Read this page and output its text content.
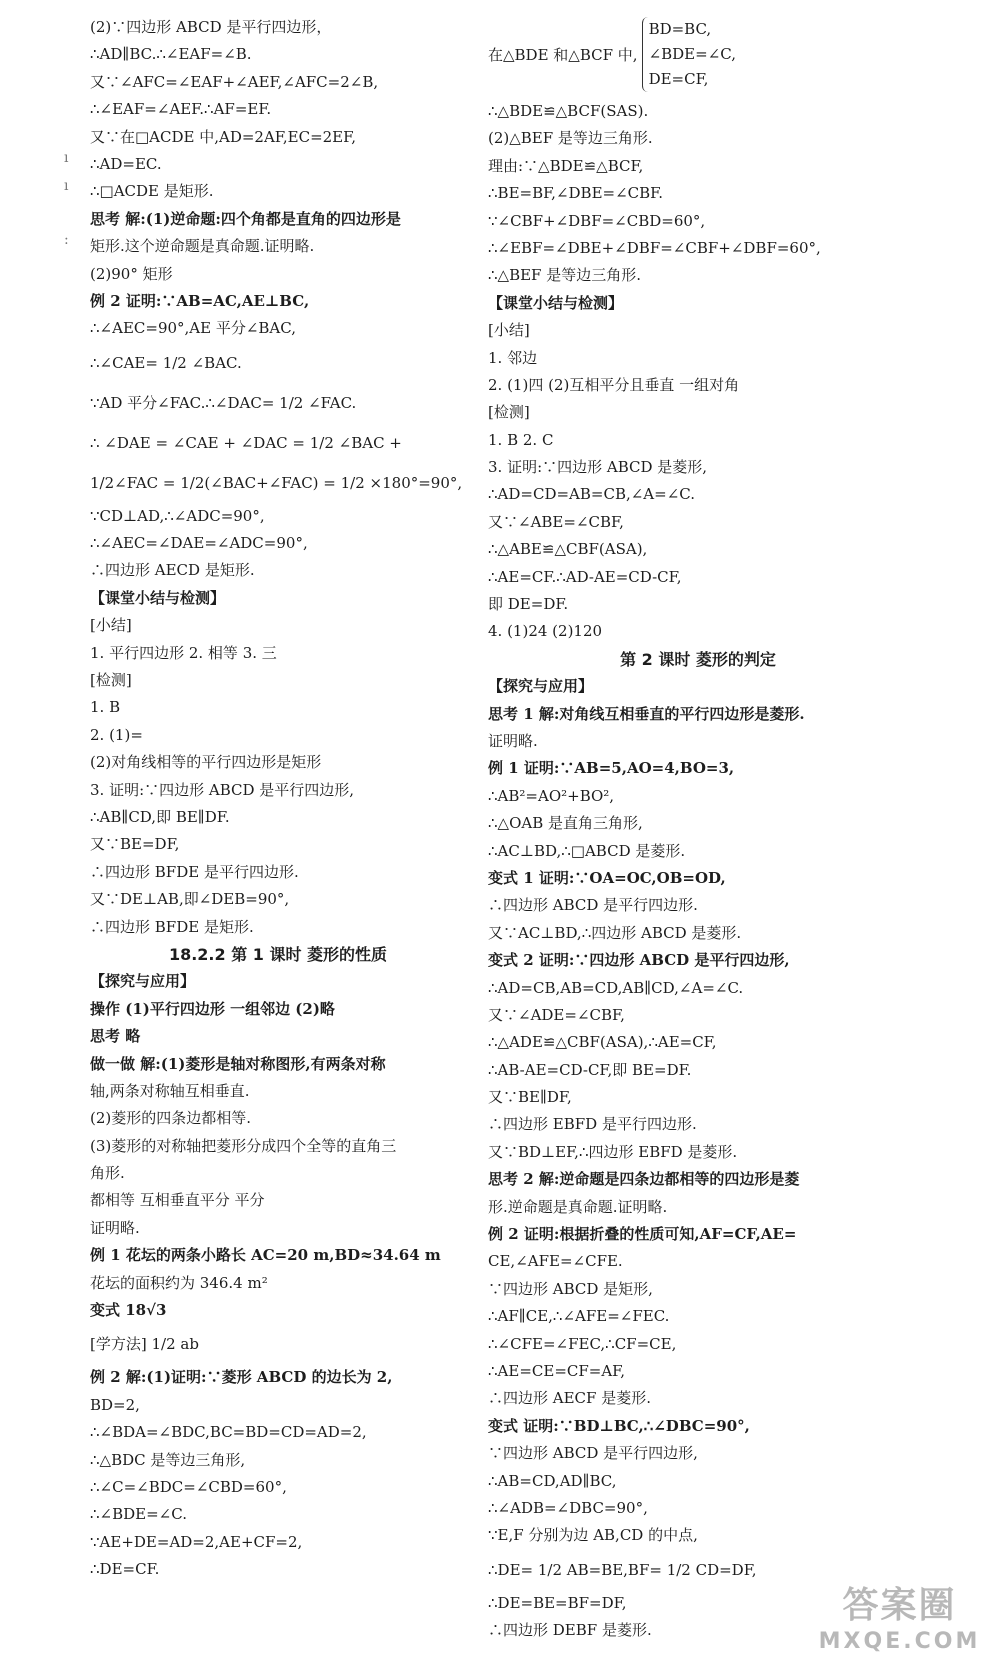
ı
ı
:
(2)∵四边形 ABCD 是平行四边形，
∴AD∥BC.∴∠EAF=∠B.
又∵∠AFC=∠EAF+∠AEF,∠AFC=2∠B,
∴∠EAF=∠AEF.∴AF=EF.
又∵在□ACDE 中,AD=2AF,EC=2EF,
∴AD=EC.
∴□ACDE 是矩形.
思考 解:(1)逆命题:四个角都是直角的四边形是
矩形.这个逆命题是真命题.证明略.
(2)90° 矩形
例 2 证明:∵AB=AC,AE⊥BC,
∴∠AEC=90°,AE 平分∠BAC,
∴∠CAE= 1/2 ∠BAC.
∵AD 平分∠FAC.∴∠DAC= 1/2 ∠FAC.
∴ ∠DAE = ∠CAE + ∠DAC = 1/2 ∠BAC +
1/2∠FAC = 1/2(∠BAC+∠FAC) = 1/2 ×180°=90°,
∵CD⊥AD,∴∠ADC=90°,
∴∠AEC=∠DAE=∠ADC=90°,
∴四边形 AECD 是矩形.
【课堂小结与检测】
[小结]
1. 平行四边形 2. 相等 3. 三
[检测]
1. B
2. (1)=
(2)对角线相等的平行四边形是矩形
3. 证明:∵四边形 ABCD 是平行四边形,
∴AB∥CD,即 BE∥DF.
又∵BE=DF,
∴四边形 BFDE 是平行四边形.
又∵DE⊥AB,即∠DEB=90°,
∴四边形 BFDE 是矩形.
18.2.2 第 1 课时 菱形的性质
【探究与应用】
操作 (1)平行四边形 一组邻边 (2)略
思考 略
做一做 解:(1)菱形是轴对称图形,有两条对称
轴,两条对称轴互相垂直.
(2)菱形的四条边都相等.
(3)菱形的对称轴把菱形分成四个全等的直角三
角形.
都相等 互相垂直平分 平分
证明略.
例 1 花坛的两条小路长 AC=20 m,BD≈34.64 m
花坛的面积约为 346.4 m²
变式 18√3
[学方法] 1/2 ab
例 2 解:(1)证明:∵菱形 ABCD 的边长为 2,
BD=2,
∴∠BDA=∠BDC,BC=BD=CD=AD=2,
∴△BDC 是等边三角形,
∴∠C=∠BDC=∠CBD=60°,
∴∠BDE=∠C.
∵AE+DE=AD=2,AE+CF=2,
∴DE=CF.
在△BDE 和△BCF 中,
BD=BC,
∠BDE=∠C,
DE=CF,
∴△BDE≌△BCF(SAS).
(2)△BEF 是等边三角形.
理由:∵△BDE≌△BCF,
∴BE=BF,∠DBE=∠CBF.
∵∠CBF+∠DBF=∠CBD=60°,
∴∠EBF=∠DBE+∠DBF=∠CBF+∠DBF=60°,
∴△BEF 是等边三角形.
【课堂小结与检测】
[小结]
1. 邻边
2. (1)四 (2)互相平分且垂直 一组对角
[检测]
1. B 2. C
3. 证明:∵四边形 ABCD 是菱形,
∴AD=CD=AB=CB,∠A=∠C.
又∵∠ABE=∠CBF,
∴△ABE≌△CBF(ASA),
∴AE=CF.∴AD-AE=CD-CF,
即 DE=DF.
4. (1)24 (2)120
第 2 课时 菱形的判定
【探究与应用】
思考 1 解:对角线互相垂直的平行四边形是菱形.
证明略.
例 1 证明:∵AB=5,AO=4,BO=3,
∴AB²=AO²+BO²,
∴△OAB 是直角三角形,
∴AC⊥BD,∴□ABCD 是菱形.
变式 1 证明:∵OA=OC,OB=OD,
∴四边形 ABCD 是平行四边形.
又∵AC⊥BD,∴四边形 ABCD 是菱形.
变式 2 证明:∵四边形 ABCD 是平行四边形,
∴AD=CB,AB=CD,AB∥CD,∠A=∠C.
又∵∠ADE=∠CBF,
∴△ADE≌△CBF(ASA),∴AE=CF,
∴AB-AE=CD-CF,即 BE=DF.
又∵BE∥DF,
∴四边形 EBFD 是平行四边形.
又∵BD⊥EF,∴四边形 EBFD 是菱形.
思考 2 解:逆命题是四条边都相等的四边形是菱
形.逆命题是真命题.证明略.
例 2 证明:根据折叠的性质可知,AF=CF,AE=
CE,∠AFE=∠CFE.
∵四边形 ABCD 是矩形,
∴AF∥CE,∴∠AFE=∠FEC.
∴∠CFE=∠FEC,∴CF=CE,
∴AE=CE=CF=AF,
∴四边形 AECF 是菱形.
变式 证明:∵BD⊥BC,∴∠DBC=90°,
∵四边形 ABCD 是平行四边形,
∴AB=CD,AD∥BC,
∴∠ADB=∠DBC=90°,
∵E,F 分别为边 AB,CD 的中点,
∴DE= 1/2 AB=BE,BF= 1/2 CD=DF,
∴DE=BE=BF=DF,
∴四边形 DEBF 是菱形.
答案圈
MXQE.COM
